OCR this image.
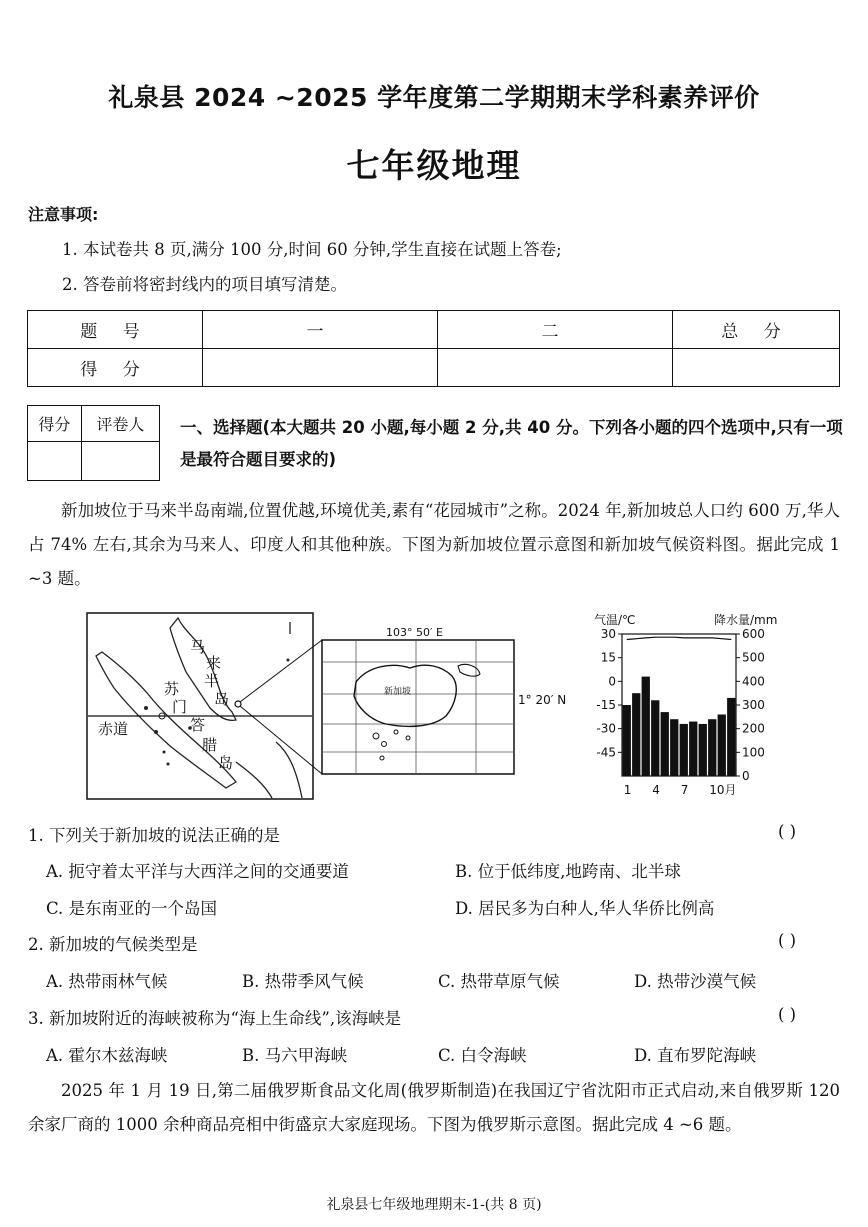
礼泉县 2024 ~2025 学年度第二学期期末学科素养评价
七年级地理
注意事项:
1. 本试卷共 8 页,满分 100 分,时间 60 分钟,学生直接在试题上答卷;
2. 答卷前将密封线内的项目填写清楚。
题 号	一	二	总 分
得 分			
得分	评卷人
	一、选择题(本大题共 20 小题,每小题 2 分,共 40 分。下列各小题的四个选项中,只有一项是最符合题目要求的)
新加坡位于马来半岛南端,位置优越,环境优美,素有“花园城市”之称。2024 年,新加坡总人口约 600 万,华人占 74% 左右,其余为马来人、印度人和其他种族。下图为新加坡位置示意图和新加坡气候资料图。据此完成 1 ~3 题。
马
来
半
岛
苏
门
答
腊
岛
赤道
103° 50′ E
1° 20′ N
新加坡
气温/℃	降水量/mm
30
15
0
-15
-30
-45
600
500
400
300
200
100
0
1 4 7 10月
1. 下列关于新加坡的说法正确的是	( )
A. 扼守着太平洋与大西洋之间的交通要道	B. 位于低纬度,地跨南、北半球
C. 是东南亚的一个岛国	D. 居民多为白种人,华人华侨比例高
2. 新加坡的气候类型是	( )
A. 热带雨林气候	B. 热带季风气候	C. 热带草原气候	D. 热带沙漠气候
3. 新加坡附近的海峡被称为“海上生命线”,该海峡是	( )
A. 霍尔木兹海峡	B. 马六甲海峡	C. 白令海峡	D. 直布罗陀海峡
2025 年 1 月 19 日,第二届俄罗斯食品文化周(俄罗斯制造)在我国辽宁省沈阳市正式启动,来自俄罗斯 120 余家厂商的 1000 余种商品亮相中街盛京大家庭现场。下图为俄罗斯示意图。据此完成 4 ~6 题。
礼泉县七年级地理期末-1-(共 8 页)
